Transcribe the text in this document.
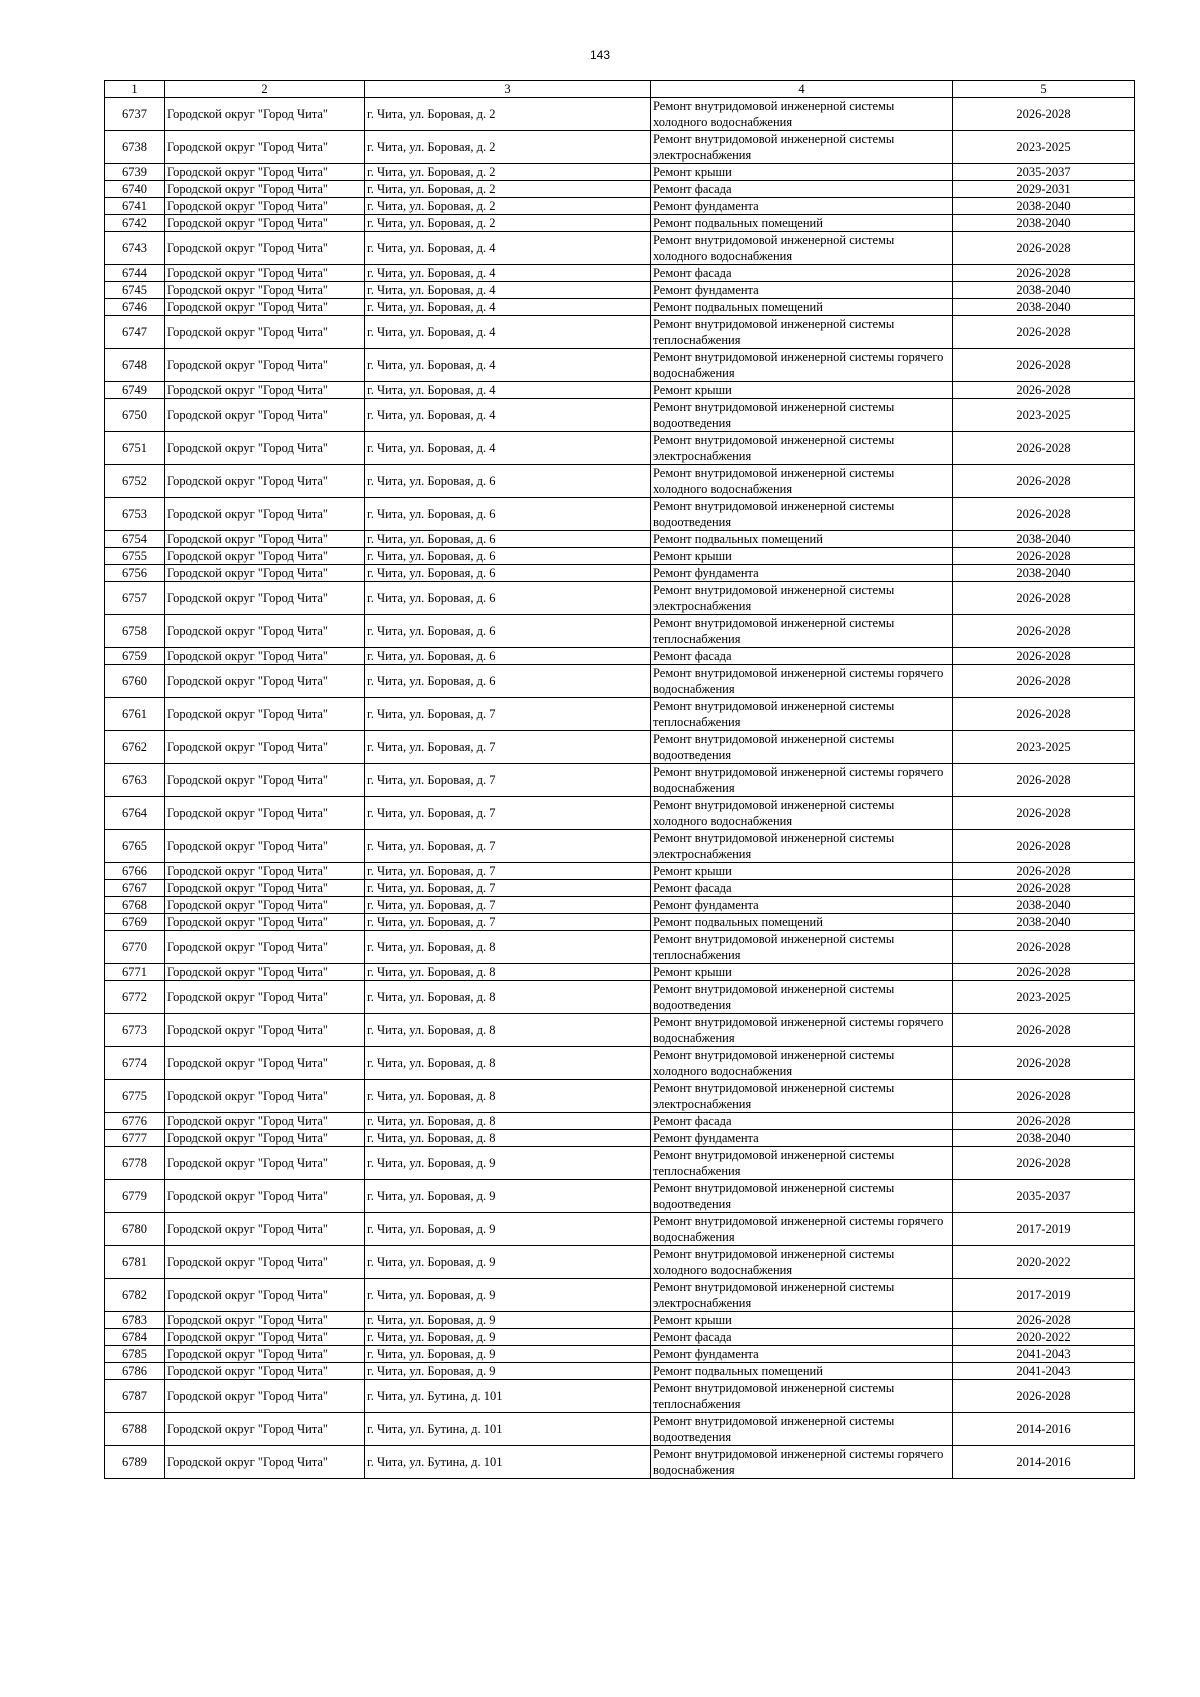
143
1	2	3	4	5
6737	Городской округ "Город Чита"	г. Чита, ул. Боровая, д. 2	Ремонт внутридомовой инженерной системы холодного водоснабжения	2026-2028
6738	Городской округ "Город Чита"	г. Чита, ул. Боровая, д. 2	Ремонт внутридомовой инженерной системы электроснабжения	2023-2025
6739	Городской округ "Город Чита"	г. Чита, ул. Боровая, д. 2	Ремонт крыши	2035-2037
6740	Городской округ "Город Чита"	г. Чита, ул. Боровая, д. 2	Ремонт фасада	2029-2031
6741	Городской округ "Город Чита"	г. Чита, ул. Боровая, д. 2	Ремонт фундамента	2038-2040
6742	Городской округ "Город Чита"	г. Чита, ул. Боровая, д. 2	Ремонт подвальных помещений	2038-2040
6743	Городской округ "Город Чита"	г. Чита, ул. Боровая, д. 4	Ремонт внутридомовой инженерной системы холодного водоснабжения	2026-2028
6744	Городской округ "Город Чита"	г. Чита, ул. Боровая, д. 4	Ремонт фасада	2026-2028
6745	Городской округ "Город Чита"	г. Чита, ул. Боровая, д. 4	Ремонт фундамента	2038-2040
6746	Городской округ "Город Чита"	г. Чита, ул. Боровая, д. 4	Ремонт подвальных помещений	2038-2040
6747	Городской округ "Город Чита"	г. Чита, ул. Боровая, д. 4	Ремонт внутридомовой инженерной системы теплоснабжения	2026-2028
6748	Городской округ "Город Чита"	г. Чита, ул. Боровая, д. 4	Ремонт внутридомовой инженерной системы горячего водоснабжения	2026-2028
6749	Городской округ "Город Чита"	г. Чита, ул. Боровая, д. 4	Ремонт крыши	2026-2028
6750	Городской округ "Город Чита"	г. Чита, ул. Боровая, д. 4	Ремонт внутридомовой инженерной системы водоотведения	2023-2025
6751	Городской округ "Город Чита"	г. Чита, ул. Боровая, д. 4	Ремонт внутридомовой инженерной системы электроснабжения	2026-2028
6752	Городской округ "Город Чита"	г. Чита, ул. Боровая, д. 6	Ремонт внутридомовой инженерной системы холодного водоснабжения	2026-2028
6753	Городской округ "Город Чита"	г. Чита, ул. Боровая, д. 6	Ремонт внутридомовой инженерной системы водоотведения	2026-2028
6754	Городской округ "Город Чита"	г. Чита, ул. Боровая, д. 6	Ремонт подвальных помещений	2038-2040
6755	Городской округ "Город Чита"	г. Чита, ул. Боровая, д. 6	Ремонт крыши	2026-2028
6756	Городской округ "Город Чита"	г. Чита, ул. Боровая, д. 6	Ремонт фундамента	2038-2040
6757	Городской округ "Город Чита"	г. Чита, ул. Боровая, д. 6	Ремонт внутридомовой инженерной системы электроснабжения	2026-2028
6758	Городской округ "Город Чита"	г. Чита, ул. Боровая, д. 6	Ремонт внутридомовой инженерной системы теплоснабжения	2026-2028
6759	Городской округ "Город Чита"	г. Чита, ул. Боровая, д. 6	Ремонт фасада	2026-2028
6760	Городской округ "Город Чита"	г. Чита, ул. Боровая, д. 6	Ремонт внутридомовой инженерной системы горячего водоснабжения	2026-2028
6761	Городской округ "Город Чита"	г. Чита, ул. Боровая, д. 7	Ремонт внутридомовой инженерной системы теплоснабжения	2026-2028
6762	Городской округ "Город Чита"	г. Чита, ул. Боровая, д. 7	Ремонт внутридомовой инженерной системы водоотведения	2023-2025
6763	Городской округ "Город Чита"	г. Чита, ул. Боровая, д. 7	Ремонт внутридомовой инженерной системы горячего водоснабжения	2026-2028
6764	Городской округ "Город Чита"	г. Чита, ул. Боровая, д. 7	Ремонт внутридомовой инженерной системы холодного водоснабжения	2026-2028
6765	Городской округ "Город Чита"	г. Чита, ул. Боровая, д. 7	Ремонт внутридомовой инженерной системы электроснабжения	2026-2028
6766	Городской округ "Город Чита"	г. Чита, ул. Боровая, д. 7	Ремонт крыши	2026-2028
6767	Городской округ "Город Чита"	г. Чита, ул. Боровая, д. 7	Ремонт фасада	2026-2028
6768	Городской округ "Город Чита"	г. Чита, ул. Боровая, д. 7	Ремонт фундамента	2038-2040
6769	Городской округ "Город Чита"	г. Чита, ул. Боровая, д. 7	Ремонт подвальных помещений	2038-2040
6770	Городской округ "Город Чита"	г. Чита, ул. Боровая, д. 8	Ремонт внутридомовой инженерной системы теплоснабжения	2026-2028
6771	Городской округ "Город Чита"	г. Чита, ул. Боровая, д. 8	Ремонт крыши	2026-2028
6772	Городской округ "Город Чита"	г. Чита, ул. Боровая, д. 8	Ремонт внутридомовой инженерной системы водоотведения	2023-2025
6773	Городской округ "Город Чита"	г. Чита, ул. Боровая, д. 8	Ремонт внутридомовой инженерной системы горячего водоснабжения	2026-2028
6774	Городской округ "Город Чита"	г. Чита, ул. Боровая, д. 8	Ремонт внутридомовой инженерной системы холодного водоснабжения	2026-2028
6775	Городской округ "Город Чита"	г. Чита, ул. Боровая, д. 8	Ремонт внутридомовой инженерной системы электроснабжения	2026-2028
6776	Городской округ "Город Чита"	г. Чита, ул. Боровая, д. 8	Ремонт фасада	2026-2028
6777	Городской округ "Город Чита"	г. Чита, ул. Боровая, д. 8	Ремонт фундамента	2038-2040
6778	Городской округ "Город Чита"	г. Чита, ул. Боровая, д. 9	Ремонт внутридомовой инженерной системы теплоснабжения	2026-2028
6779	Городской округ "Город Чита"	г. Чита, ул. Боровая, д. 9	Ремонт внутридомовой инженерной системы водоотведения	2035-2037
6780	Городской округ "Город Чита"	г. Чита, ул. Боровая, д. 9	Ремонт внутридомовой инженерной системы горячего водоснабжения	2017-2019
6781	Городской округ "Город Чита"	г. Чита, ул. Боровая, д. 9	Ремонт внутридомовой инженерной системы холодного водоснабжения	2020-2022
6782	Городской округ "Город Чита"	г. Чита, ул. Боровая, д. 9	Ремонт внутридомовой инженерной системы электроснабжения	2017-2019
6783	Городской округ "Город Чита"	г. Чита, ул. Боровая, д. 9	Ремонт крыши	2026-2028
6784	Городской округ "Город Чита"	г. Чита, ул. Боровая, д. 9	Ремонт фасада	2020-2022
6785	Городской округ "Город Чита"	г. Чита, ул. Боровая, д. 9	Ремонт фундамента	2041-2043
6786	Городской округ "Город Чита"	г. Чита, ул. Боровая, д. 9	Ремонт подвальных помещений	2041-2043
6787	Городской округ "Город Чита"	г. Чита, ул. Бутина, д. 101	Ремонт внутридомовой инженерной системы теплоснабжения	2026-2028
6788	Городской округ "Город Чита"	г. Чита, ул. Бутина, д. 101	Ремонт внутридомовой инженерной системы водоотведения	2014-2016
6789	Городской округ "Город Чита"	г. Чита, ул. Бутина, д. 101	Ремонт внутридомовой инженерной системы горячего водоснабжения	2014-2016
